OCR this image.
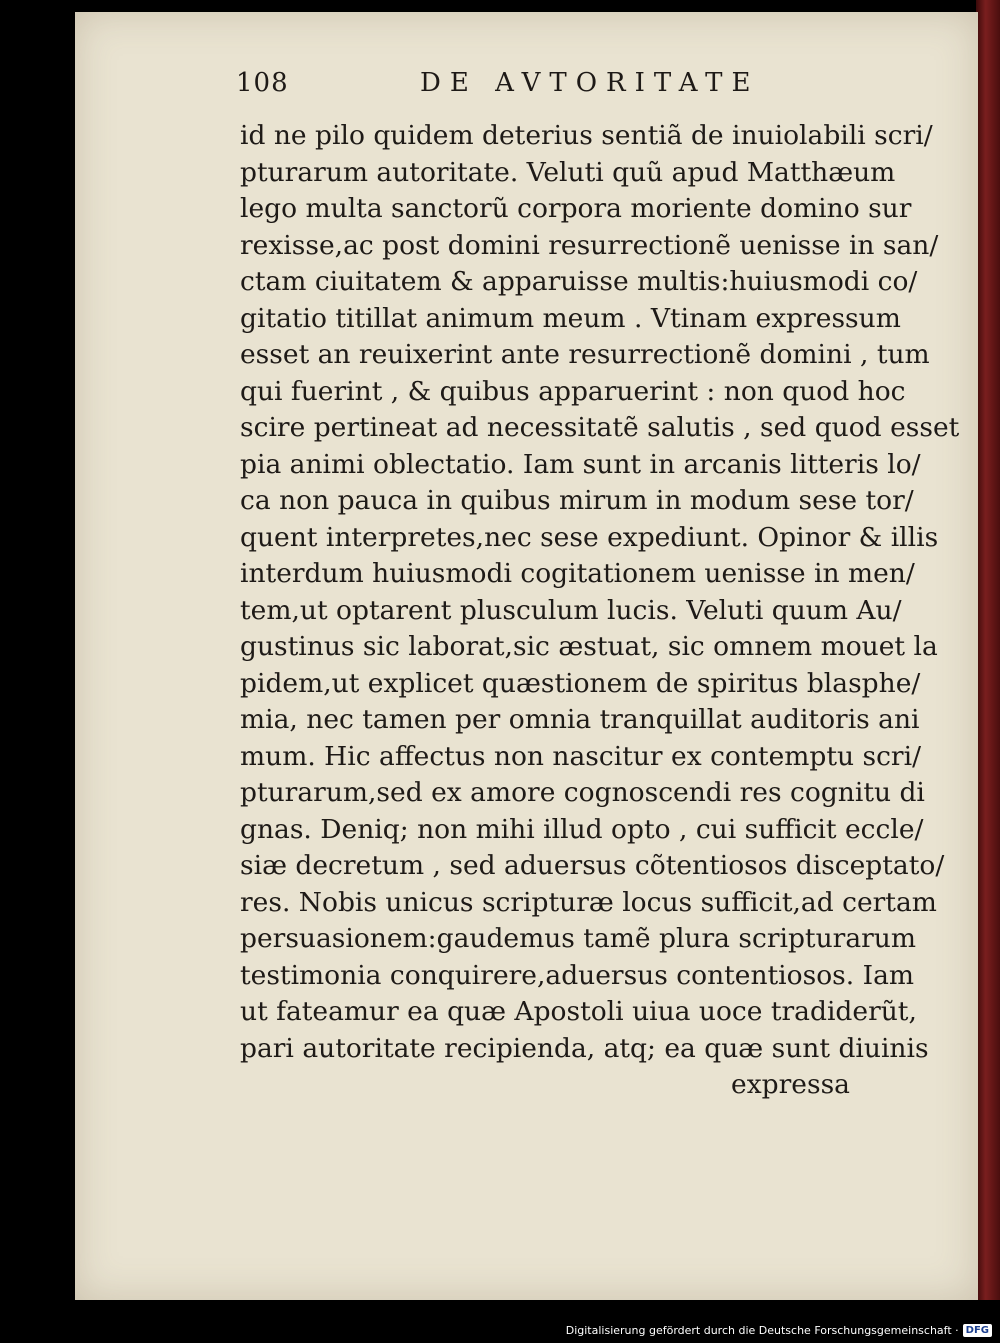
108	DE AVTORITATE
id ne pilo quidem deterius sentiã de inuiolabili scri/
pturarum autoritate. Veluti quũ apud Matthæum
lego multa sanctorũ corpora moriente domino sur
rexisse,ac post domini resurrectionẽ uenisse in san/
ctam ciuitatem & apparuisse multis:huiusmodi co/
gitatio titillat animum meum . Vtinam expressum
esset an reuixerint ante resurrectionẽ domini , tum
qui fuerint , & quibus apparuerint : non quod hoc
scire pertineat ad necessitatẽ salutis , sed quod esset
pia animi oblectatio. Iam sunt in arcanis litteris lo/
ca non pauca in quibus mirum in modum sese tor/
quent interpretes,nec sese expediunt. Opinor & illis
interdum huiusmodi cogitationem uenisse in men/
tem,ut optarent plusculum lucis. Veluti quum Au/
gustinus sic laborat,sic æstuat, sic omnem mouet la
pidem,ut explicet quæstionem de spiritus blasphe/
mia, nec tamen per omnia tranquillat auditoris ani
mum. Hic affectus non nascitur ex contemptu scri/
pturarum,sed ex amore cognoscendi res cognitu di
gnas. Deniq; non mihi illud opto , cui sufficit eccle/
siæ decretum , sed aduersus cõtentiosos disceptato/
res. Nobis unicus scripturæ locus sufficit,ad certam
persuasionem:gaudemus tamẽ plura scripturarum
testimonia conquirere,aduersus contentiosos. Iam
ut fateamur ea quæ Apostoli uiua uoce tradiderũt,
pari autoritate recipienda, atq; ea quæ sunt diuinis
expressa
Digitalisierung gefördert durch die Deutsche Forschungsgemeinschaft · DFG
